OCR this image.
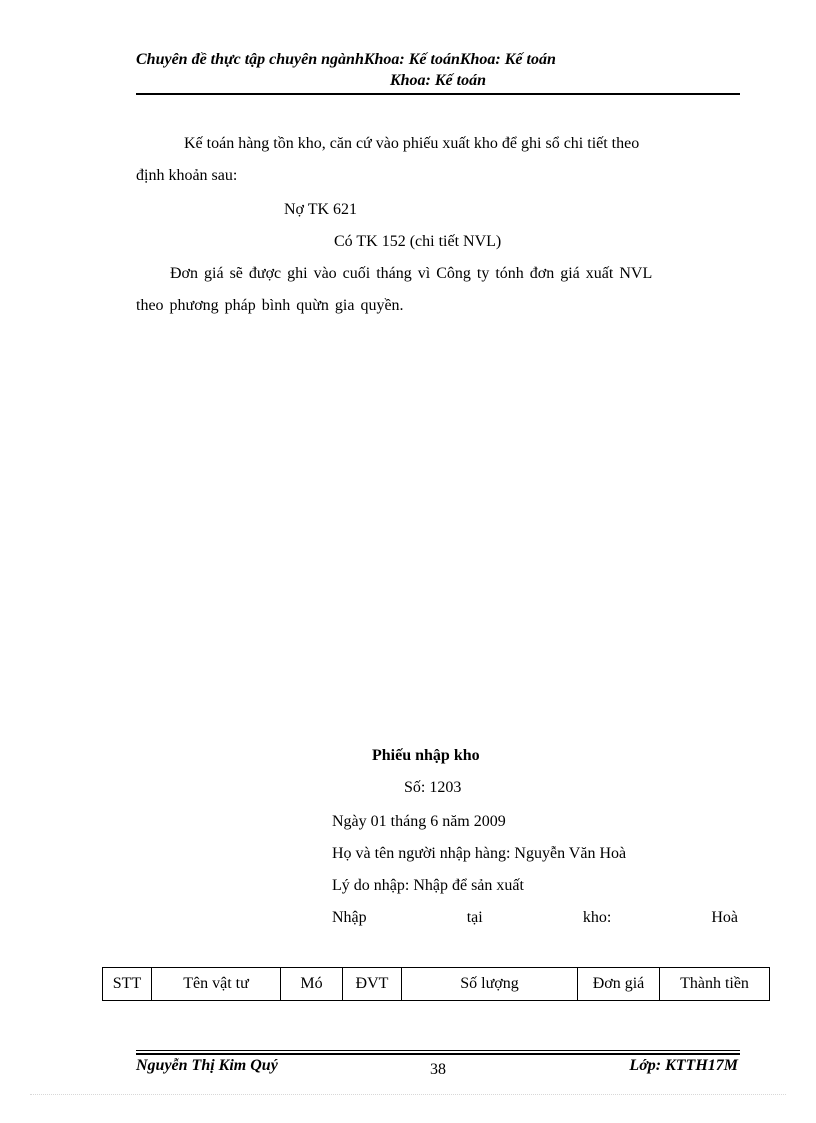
Chuyên đề thực tập chuyên ngànhKhoa: Kế toánKhoa: Kế toán
Khoa: Kế toán
Kế toán hàng tồn kho, căn cứ vào phiếu xuất kho để ghi sổ chi tiết theo
định khoản sau:
Nợ TK 621
Có TK 152 (chi tiết NVL)
Đơn giá sẽ được ghi vào cuối tháng vì Công ty tónh đơn giá xuất NVL
theo phương pháp bình quừn gia quyền.
Phiếu nhập kho
Số: 1203
Ngày 01 tháng 6 năm 2009
Họ và tên người nhập hàng: Nguyễn Văn Hoà
Lý do nhập: Nhập để sản xuất
Nhập	tại	kho:	Hoà
STT	Tên vật tư	Mó	ĐVT	Số lượng	Đơn giá	Thành tiền
Nguyễn Thị Kim Quý	38	Lớp: KTTH17M
